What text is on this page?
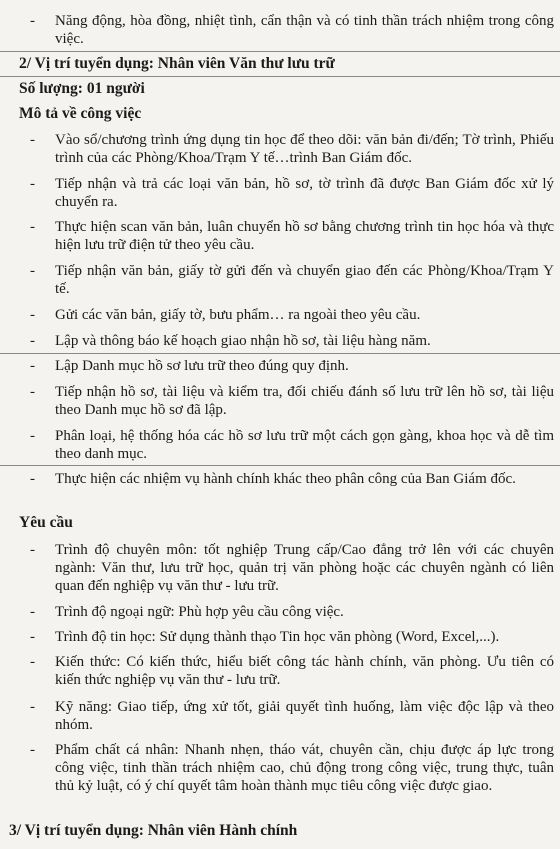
-	Năng động, hòa đồng, nhiệt tình, cẩn thận và có tinh thần trách nhiệm trong công việc.

2/ Vị trí tuyển dụng: Nhân viên Văn thư lưu trữ

Số lượng: 01 người

Mô tả về công việc

-	Vào sổ/chương trình ứng dụng tin học để theo dõi: văn bản đi/đến; Tờ trình, Phiếu trình của các Phòng/Khoa/Trạm Y tế…trình Ban Giám đốc.
-	Tiếp nhận và trả các loại văn bản, hồ sơ, tờ trình đã được Ban Giám đốc xử lý chuyển ra.
-	Thực hiện scan văn bản, luân chuyển hồ sơ bằng chương trình tin học hóa và thực hiện lưu trữ điện tử theo yêu cầu.
-	Tiếp nhận văn bản, giấy tờ gửi đến và chuyển giao đến các Phòng/Khoa/Trạm Y tế.
-	Gửi các văn bản, giấy tờ, bưu phẩm… ra ngoài theo yêu cầu.
-	Lập và thông báo kế hoạch giao nhận hồ sơ, tài liệu hàng năm.
-	Lập Danh mục hồ sơ lưu trữ theo đúng quy định.
-	Tiếp nhận hồ sơ, tài liệu và kiểm tra, đối chiếu đánh số lưu trữ lên hồ sơ, tài liệu theo Danh mục hồ sơ đã lập.
-	Phân loại, hệ thống hóa các hồ sơ lưu trữ một cách gọn gàng, khoa học và dễ tìm theo danh mục.
-	Thực hiện các nhiệm vụ hành chính khác theo phân công của Ban Giám đốc.

Yêu cầu

-	Trình độ chuyên môn: tốt nghiệp Trung cấp/Cao đẳng trở lên với các chuyên ngành: Văn thư, lưu trữ học, quản trị văn phòng hoặc các chuyên ngành có liên quan đến nghiệp vụ văn thư - lưu trữ.
-	Trình độ ngoại ngữ: Phù hợp yêu cầu công việc.
-	Trình độ tin học: Sử dụng thành thạo Tin học văn phòng (Word, Excel,...).
-	Kiến thức: Có kiến thức, hiểu biết công tác hành chính, văn phòng. Ưu tiên có kiến thức nghiệp vụ văn thư - lưu trữ.
-	Kỹ năng: Giao tiếp, ứng xử tốt, giải quyết tình huống, làm việc độc lập và theo nhóm.
-	Phẩm chất cá nhân: Nhanh nhẹn, tháo vát, chuyên cần, chịu được áp lực trong công việc, tinh thần trách nhiệm cao, chủ động trong công việc, trung thực, tuân thủ kỷ luật, có ý chí quyết tâm hoàn thành mục tiêu công việc được giao.

3/ Vị trí tuyển dụng: Nhân viên Hành chính
